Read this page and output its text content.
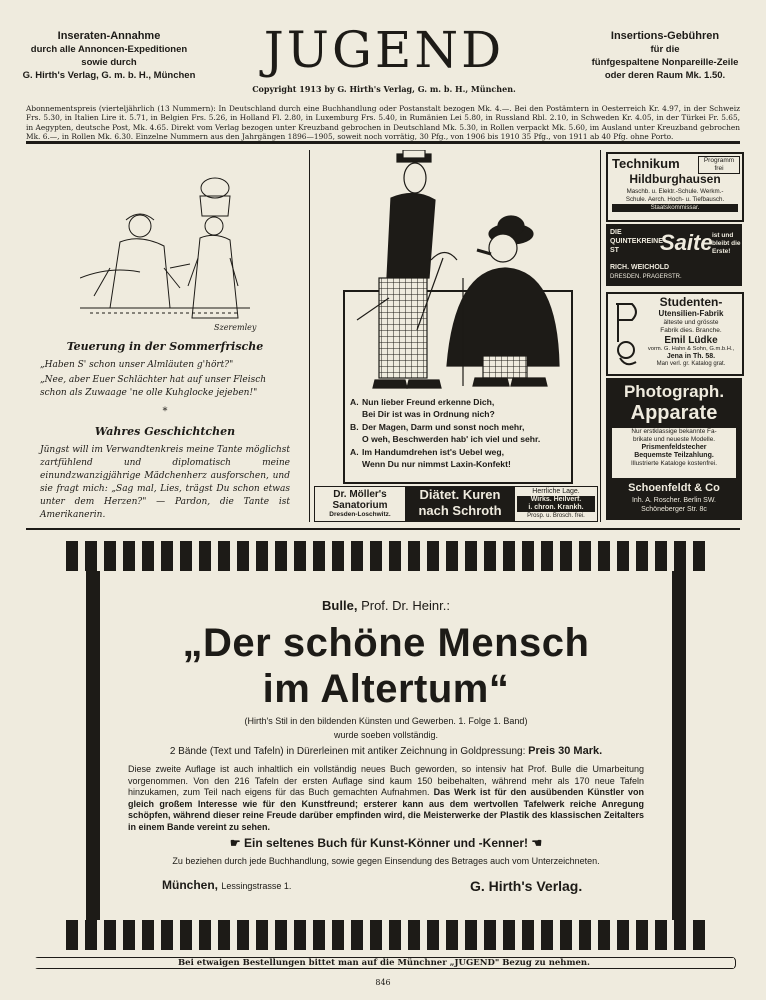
Inseraten-Annahme
durch alle Annoncen-Expeditionen
sowie durch
G. Hirth's Verlag, G. m. b. H., München	JUGEND	Insertions-Gebühren
für die
fünfgespaltene Nonpareille-Zeile
oder deren Raum Mk. 1.50.
Copyright 1913 by G. Hirth's Verlag, G. m. b. H., München.
Abonnementspreis (vierteljährlich (13 Nummern): In Deutschland durch eine Buchhandlung oder Postanstalt bezogen Mk. 4.—. Bei den Postämtern in Oesterreich Kr. 4.97, in der Schweiz Frs. 5.30, in Italien Lire it. 5.71, in Belgien Frs. 5.26, in Holland Fl. 2.80, in Luxemburg Frs. 5.40, in Rumänien Lei 5.80, in Russland Rbl. 2.10, in Schweden Kr. 4.05, in der Türkei Fr. 5.65, in Aegypten, deutsche Post, Mk. 4.65. Direkt vom Verlag bezogen unter Kreuzband gebrochen in Deutschland Mk. 5.30, in Rollen verpackt Mk. 5.60, im Ausland unter Kreuzband gebrochen Mk. 6.—, in Rollen Mk. 6.30. Einzelne Nummern aus den Jahrgängen 1896—1905, soweit noch vorrätig, 30 Pfg., von 1906 bis 1910 35 Pfg., von 1911 ab 40 Pfg. ohne Porto.
Szeremley
Teuerung in der Sommerfrische
„Haben S' schon unser Almläuten g'hört?"
„Nee, aber Euer Schlächter hat auf unser Fleisch schon als Zuwaage 'ne olle Kuhglocke jejeben!"
*
Wahres Geschichtchen
Jüngst will im Verwandtenkreis meine Tante möglichst zartfühlend und diplomatisch meine einundzwanzigjährige Mädchenherz ausforschen, und sie fragt mich: „Sag mal, Lies, trägst Du schon etwas unter dem Herzen?" — Pardon, die Tante ist Amerikanerin.
A. Nun lieber Freund erkenne Dich,
Bei Dir ist was in Ordnung nich?
B. Der Magen, Darm und sonst noch mehr,
O weh, Beschwerden hab' ich viel und sehr.
A. Im Handumdrehen ist's Uebel weg,
Wenn Du nur nimmst Laxin-Konfekt!
Dr. Möller's
Sanatorium
Dresden-Loschwitz.
Diätet. Kuren
nach Schroth
Herrliche Lage.
Wirks. Heilverf.
i. chron. Krankh.
Prosp. u. Brosch. frei.
Technikum	Programm frei
Hildburghausen
Maschb. u. Elektr.-Schule. Werkm.-
Schule. Aerch. Hoch- u. Tiefbausch.
Staatskommissar.
DIE
QUINTEKREINE
ST	Saite ist und bleibt die Erste!
RICH. WEICHOLD
DRESDEN. PRAGERSTR.
Studenten-
Utensilien-Fabrik
älteste und grösste
Fabrik dies. Branche.
Emil Lüdke
vorm. G. Hahn & Sohn, G.m.b.H.,
Jena in Th. 58.
Man verl. gr. Katalog grat.
Photograph.
Apparate
Nur erstklassige bekannte Fa-
brikate und neueste Modelle.
Prismenfeldstecher
Bequemste Teilzahlung.
Illustrierte Kataloge kostenfrei.
Schoenfeldt & Co
Inh. A. Roscher. Berlin SW.
Schöneberger Str. 8c
Bulle, Prof. Dr. Heinr.:
„Der schöne Mensch
im Altertum“
(Hirth's Stil in den bildenden Künsten und Gewerben. 1. Folge 1. Band)
wurde soeben vollständig.
2 Bände (Text und Tafeln) in Dürerleinen mit antiker Zeichnung in Goldpressung: Preis 30 Mark.
Diese zweite Auflage ist auch inhaltlich ein vollständig neues Buch geworden, so intensiv hat Prof. Bulle die Umarbeitung vorgenommen. Von den 216 Tafeln der ersten Auflage sind kaum 150 beibehalten, während mehr als 170 neue Tafeln hinzukamen, zum Teil nach eigens für das Buch gemachten Aufnahmen. Das Werk ist für den ausübenden Künstler von gleich großem Interesse wie für den Kunstfreund; ersterer kann aus dem wertvollen Tafelwerk reiche Anregung schöpfen, während dieser reine Freude darüber empfinden wird, die Meisterwerke der Plastik des klassischen Zeitalters in einem Bande vereint zu sehen.
☛ Ein seltenes Buch für Kunst-Könner und -Kenner! ☚
Zu beziehen durch jede Buchhandlung, sowie gegen Einsendung des Betrages auch vom Unterzeichneten.
München, Lessingstrasse 1.	G. Hirth's Verlag.
Bei etwaigen Bestellungen bittet man auf die Münchner „JUGEND" Bezug zu nehmen.
846
